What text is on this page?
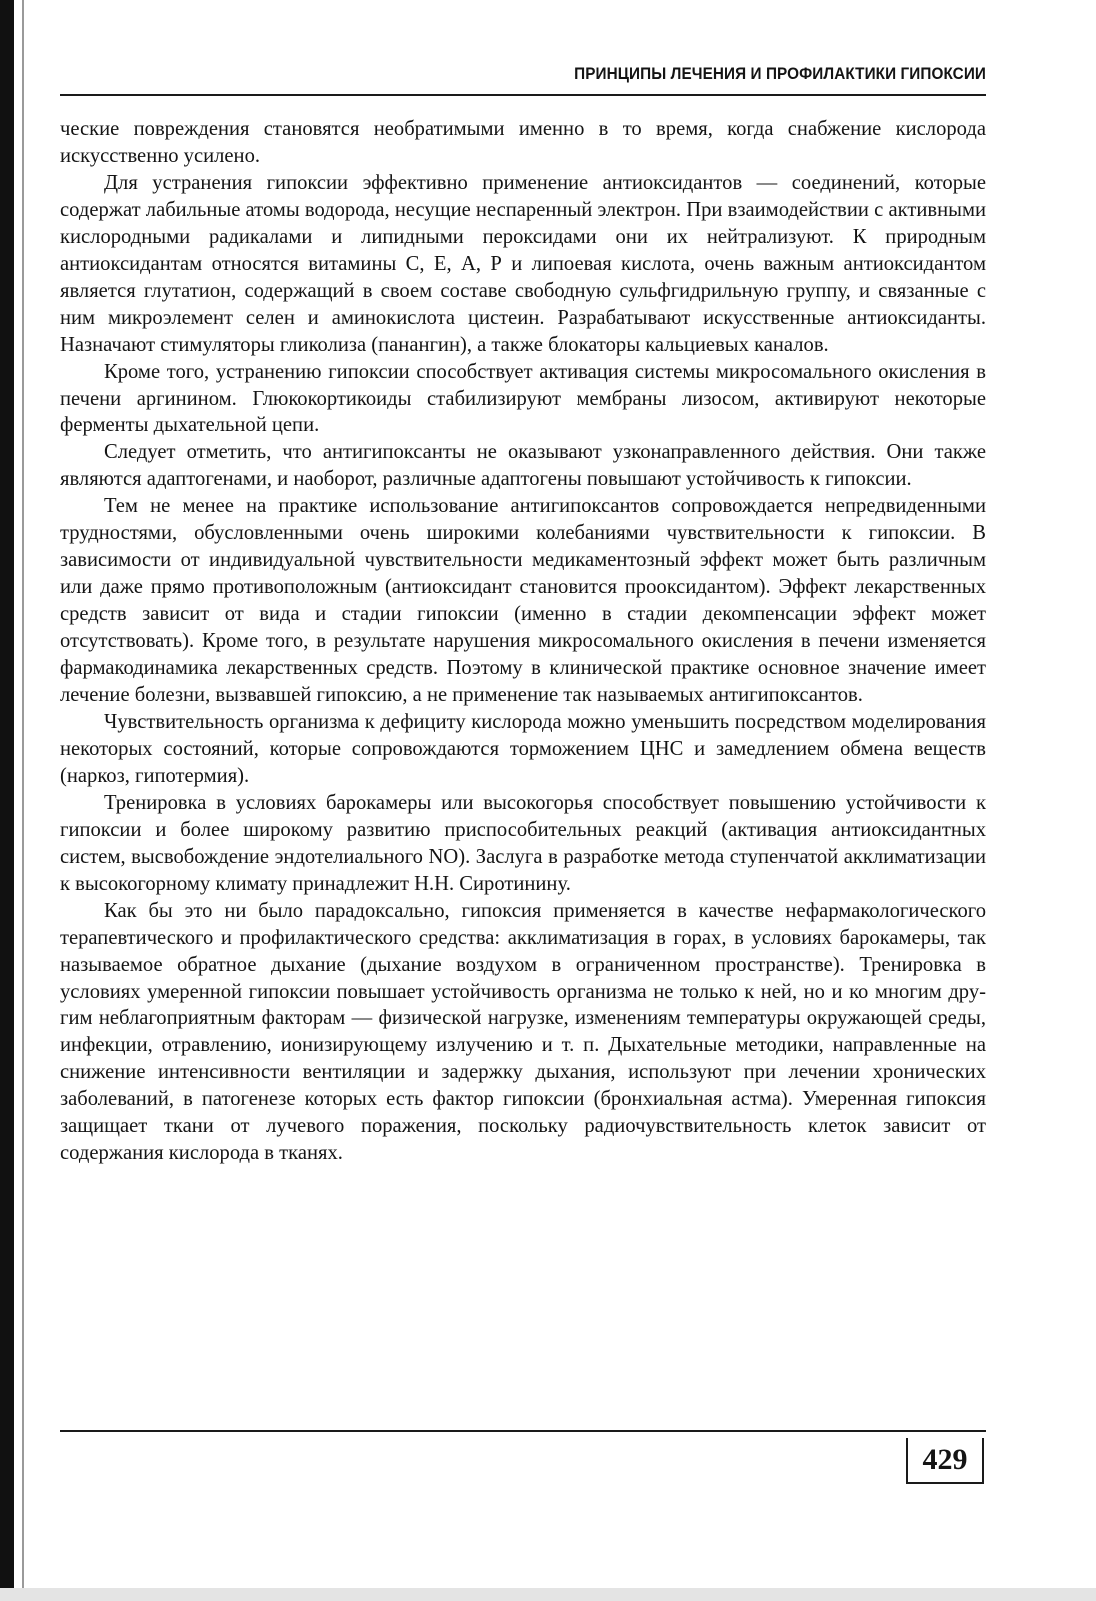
ПРИНЦИПЫ ЛЕЧЕНИЯ И ПРОФИЛАКТИКИ ГИПОКСИИ

ческие повреждения становятся необратимыми именно в то время, когда снабжение кислорода искусственно усилено.

Для устранения гипоксии эффективно применение антиоксидантов — соединений, которые содержат лабильные атомы водорода, несущие неспаренный электрон. При взаимодействии с активными кислородными радикалами и липидными пероксидами они их нейтрализуют. К природным антиоксидантам относятся витамины С, Е, А, Р и липоевая кислота, очень важным антиоксидантом является глутатион, содержащий в своем составе свободную сульфгидрильную группу, и связанные с ним микроэлемент селен и аминокислота цистеин. Разрабатывают искусственные антиоксиданты. Назначают стимуляторы гликолиза (панангин), а также блокаторы кальциевых каналов.

Кроме того, устранению гипоксии способствует активация системы микросомального окисления в печени аргинином. Глюкокортикоиды стабилизируют мембраны лизосом, активируют некоторые ферменты дыхательной цепи.

Следует отметить, что антигипоксанты не оказывают узконаправленного действия. Они также являются адаптогенами, и наоборот, различные адаптогены повышают устойчивость к гипоксии.

Тем не менее на практике использование антигипоксантов сопровождается непредвиденными трудностями, обусловленными очень широкими колебаниями чувствительности к гипоксии. В зависимости от индивидуальной чувствительности медикаментозный эффект может быть различным или даже прямо противоположным (антиоксидант становится прооксидантом). Эффект лекарственных средств зависит от вида и стадии гипоксии (именно в стадии декомпенсации эффект может отсутствовать). Кроме того, в результате нарушения микросомального окисления в печени изменяется фармакодинамика лекарственных средств. Поэтому в клинической практике основное значение имеет лечение болезни, вызвавшей гипоксию, а не применение так называемых антигипоксантов.

Чувствительность организма к дефициту кислорода можно уменьшить посредством моделирования некоторых состояний, которые сопровождаются торможением ЦНС и замедлением обмена веществ (наркоз, гипотермия).

Тренировка в условиях барокамеры или высокогорья способствует повышению устойчивости к гипоксии и более широкому развитию приспособительных реакций (активация антиоксидантных систем, высвобождение эндотелиального NO). Заслуга в разработке метода ступенчатой акклиматизации к высокогорному климату принадлежит Н.Н. Сиротинину.

Как бы это ни было парадоксально, гипоксия применяется в качестве нефармакологического терапевтического и профилактического средства: акклиматизация в горах, в условиях барокамеры, так называемое обратное дыхание (дыхание воздухом в ограниченном пространстве). Тренировка в условиях умеренной гипоксии повышает устойчивость организма не только к ней, но и ко многим другим неблагоприятным факторам — физической нагрузке, изменениям температуры окружающей среды, инфекции, отравлению, ионизирующему излучению и т. п. Дыхательные методики, направленные на снижение интенсивности вентиляции и задержку дыхания, используют при лечении хронических заболеваний, в патогенезе которых есть фактор гипоксии (бронхиальная астма). Умеренная гипоксия защищает ткани от лучевого поражения, поскольку радиочувствительность клеток зависит от содержания кислорода в тканях.

429
